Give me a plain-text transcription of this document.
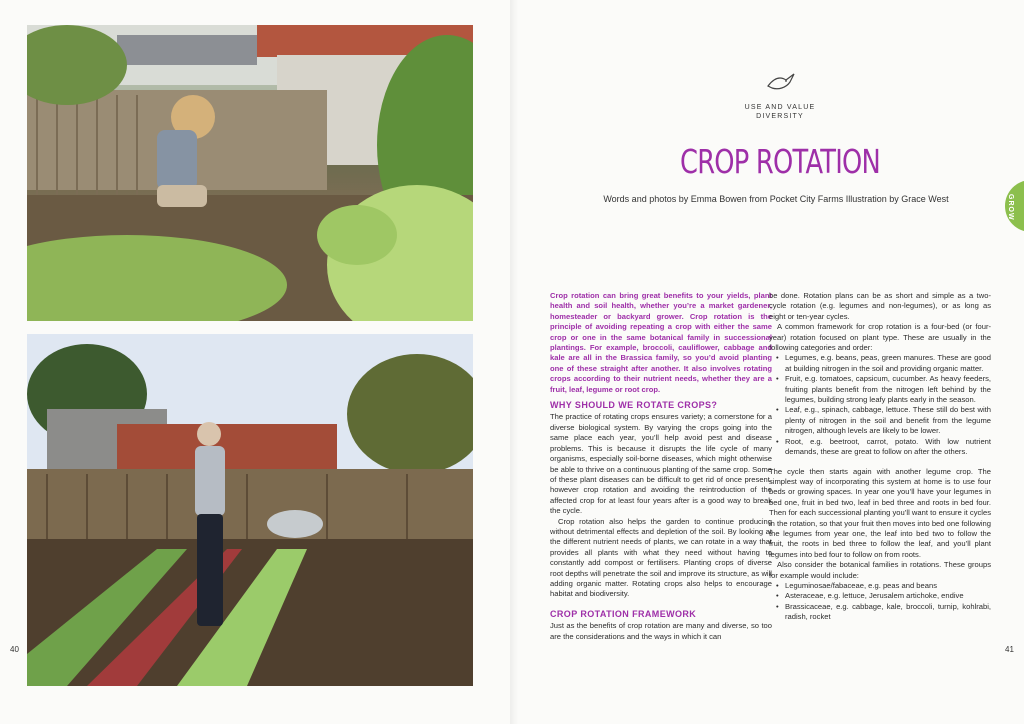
40
USE AND VALUE
DIVERSITY
CROP ROTATION
Words and photos by Emma Bowen from Pocket City Farms Illustration by Grace West	GROW

Crop rotation can bring great benefits to your yields, plant health and soil health, whether you’re a market gardener, homesteader or backyard grower. Crop rotation is the principle of avoiding repeating a crop with either the same crop or one in the same botanical family in successional plantings. For example, broccoli, cauliflower, cabbage and kale are all in the Brassica family, so you’d avoid planting one of these straight after another. It also involves rotating crops according to their nutrient needs, whether they are a fruit, leaf, legume or root crop.

WHY SHOULD WE ROTATE CROPS?

The practice of rotating crops ensures variety; a cornerstone for a diverse biological system. By varying the crops going into the same place each year, you’ll help avoid pest and disease problems. This is because it disrupts the life cycle of many organisms, especially soil-borne diseases, which might otherwise be able to thrive on a continuous planting of the same crop. Some of these plant diseases can be difficult to get rid of once present, however crop rotation and avoiding the reintroduction of the affected crop for at least four years after is a good way to break the cycle.

Crop rotation also helps the garden to continue producing without detrimental effects and depletion of the soil. By looking at the different nutrient needs of plants, we can rotate in a way that provides all plants with what they need without having to constantly add compost or fertilisers. Planting crops of diverse root depths will penetrate the soil and improve its structure, as will adding organic matter. Rotating crops also helps to encourage habitat and biodiversity.

CROP ROTATION FRAMEWORK

Just as the benefits of crop rotation are many and diverse, so too are the considerations and the ways in which it can

be done. Rotation plans can be as short and simple as a two-cycle rotation (e.g. legumes and non-legumes), or as long as eight or ten-year cycles.

A common framework for crop rotation is a four-bed (or four-year) rotation focused on plant type. These are usually in the following categories and order:

• Legumes, e.g. beans, peas, green manures. These are good at building nitrogen in the soil and providing organic matter.
• Fruit, e.g. tomatoes, capsicum, cucumber. As heavy feeders, fruiting plants benefit from the nitrogen left behind by the legumes, building strong leafy plants early in the season.
• Leaf, e.g., spinach, cabbage, lettuce. These still do best with plenty of nitrogen in the soil and benefit from the legume nitrogen, although levels are likely to be lower.
• Root, e.g. beetroot, carrot, potato. With low nutrient demands, these are great to follow on after the others.

The cycle then starts again with another legume crop. The simplest way of incorporating this system at home is to use four beds or growing spaces. In year one you’ll have your legumes in bed one, fruit in bed two, leaf in bed three and roots in bed four. Then for each successional planting you’ll want to ensure it cycles in the rotation, so that your fruit then moves into bed one following the legumes from year one, the leaf into bed two to follow the fruit, the roots in bed three to follow the leaf, and you’ll plant legumes into bed four to follow on from roots.

Also consider the botanical families in rotations. These groups for example would include:

• Leguminosae/fabaceae, e.g. peas and beans
• Asteraceae, e.g. lettuce, Jerusalem artichoke, endive
• Brassicaceae, e.g. cabbage, kale, broccoli, turnip, kohlrabi, radish, rocket
41
